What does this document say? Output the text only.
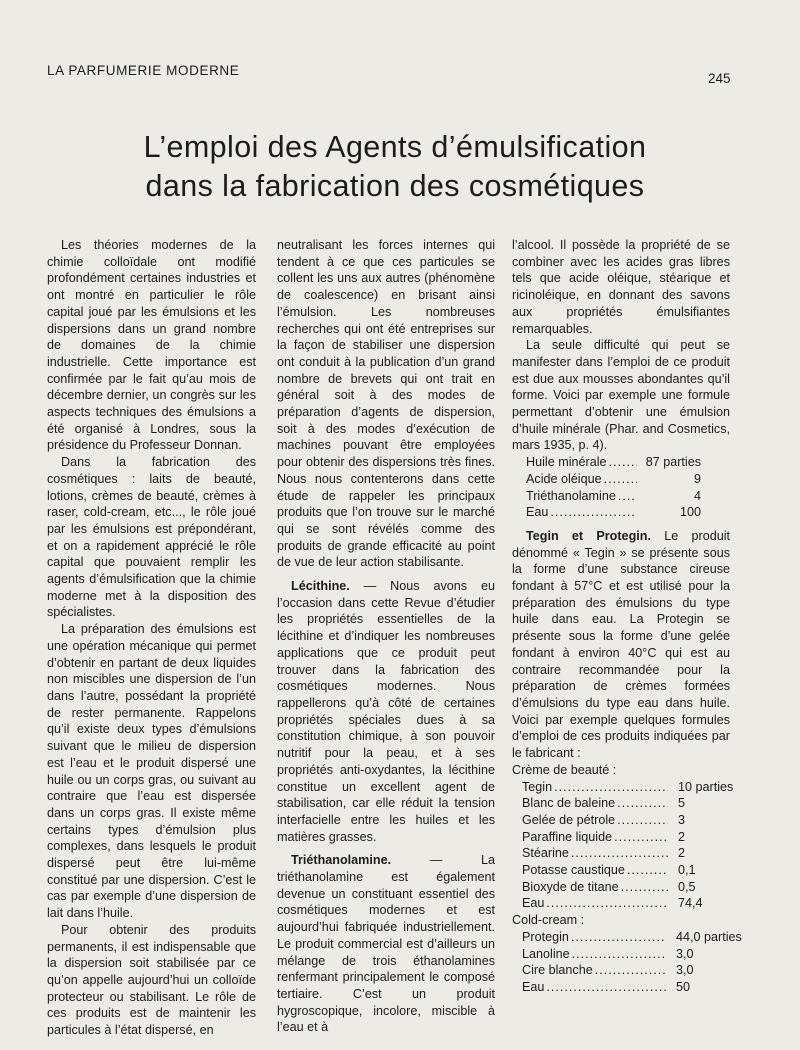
LA PARFUMERIE MODERNE
245
L’emploi des Agents d’émulsification
dans la fabrication des cosmétiques

Les théories modernes de la chimie colloïdale ont modifié profondément certaines industries et ont montré en particulier le rôle capital joué par les émulsions et les dispersions dans un grand nombre de domaines de la chimie industrielle. Cette importance est confirmée par le fait qu’au mois de décembre dernier, un congrès sur les aspects techniques des émulsions a été organisé à Londres, sous la présidence du Professeur Donnan.

Dans la fabrication des cosmétiques : laits de beauté, lotions, crèmes de beauté, crèmes à raser, cold-cream, etc..., le rôle joué par les émulsions est prépondérant, et on a rapidement apprécié le rôle capital que pouvaient remplir les agents d’émulsification que la chimie moderne met à la disposition des spécialistes.

La préparation des émulsions est une opération mécanique qui permet d’obtenir en partant de deux liquides non miscibles une dispersion de l’un dans l’autre, possédant la propriété de rester permanente. Rappelons qu’il existe deux types d’émulsions suivant que le milieu de dispersion est l’eau et le produit dispersé une huile ou un corps gras, ou suivant au contraire que l’eau est dispersée dans un corps gras. Il existe même certains types d’émulsion plus complexes, dans lesquels le produit dispersé peut être lui-même constitué par une dispersion. C’est le cas par exemple d’une dispersion de lait dans l’huile.

Pour obtenir des produits permanents, il est indispensable que la dispersion soit stabilisée par ce qu’on appelle aujourd’hui un colloïde protecteur ou stabilisant. Le rôle de ces produits est de maintenir les particules à l’état dispersé, en

neutralisant les forces internes qui tendent à ce que ces particules se collent les uns aux autres (phénomène de coalescence) en brisant ainsi l’émulsion. Les nombreuses recherches qui ont été entreprises sur la façon de stabiliser une dispersion ont conduit à la publication d’un grand nombre de brevets qui ont trait en général soit à des modes de préparation d’agents de dispersion, soit à des modes d’exécution de machines pouvant être employées pour obtenir des dispersions très fines. Nous nous contenterons dans cette étude de rappeler les principaux produits que l’on trouve sur le marché qui se sont révélés comme des produits de grande efficacité au point de vue de leur action stabilisante.

Lécithine. — Nous avons eu l’occasion dans cette Revue d’étudier les propriétés essentielles de la lécithine et d’indiquer les nombreuses applications que ce produit peut trouver dans la fabrication des cosmétiques modernes. Nous rappellerons qu’à côté de certaines propriétés spéciales dues à sa constitution chimique, à son pouvoir nutritif pour la peau, et à ses propriétés anti-oxydantes, la lécithine constitue un excellent agent de stabilisation, car elle réduit la tension interfacielle entre les huiles et les matières grasses.

Triéthanolamine. — La triéthanolamine est également devenue un constituant essentiel des cosmétiques modernes et est aujourd’hui fabriquée industriellement. Le produit commercial est d’ailleurs un mélange de trois éthanolamines renfermant principalement le composé tertiaire. C’est un produit hygroscopique, incolore, miscible à l’eau et à

l’alcool. Il possède la propriété de se combiner avec les acides gras libres tels que acide oléique, stéarique et ricinoléique, en donnant des savons aux propriétés émulsifiantes remarquables.

La seule difficulté qui peut se manifester dans l’emploi de ce produit est due aux mousses abondantes qu’il forme. Voici par exemple une formule permettant d’obtenir une émulsion d’huile minérale (Phar. and Cosmetics, mars 1935, p. 4).

Huile minérale .....	87 parties
Acide oléique .....	9
Triéthanolamine .....	4
Eau .....	100

Tegin et Protegin. Le produit dénommé « Tegin » se présente sous la forme d’une substance cireuse fondant à 57°C et est utilisé pour la préparation des émulsions du type huile dans eau. La Protegin se présente sous la forme d’une gelée fondant à environ 40°C qui est au contraire recommandée pour la préparation de crèmes formées d’émulsions du type eau dans huile. Voici par exemple quelques formules d’emploi de ces produits indiquées par le fabricant :

Crème de beauté :

Tegin .....	10 parties
Blanc de baleine .....	5
Gelée de pétrole .....	3
Paraffine liquide .....	2
Stéarine .....	2
Potasse caustique .....	0,1
Bioxyde de titane .....	0,5
Eau .....	74,4

Cold-cream :

Protegin .....	44,0 parties
Lanoline .....	3,0
Cire blanche .....	3,0
Eau .....	50
